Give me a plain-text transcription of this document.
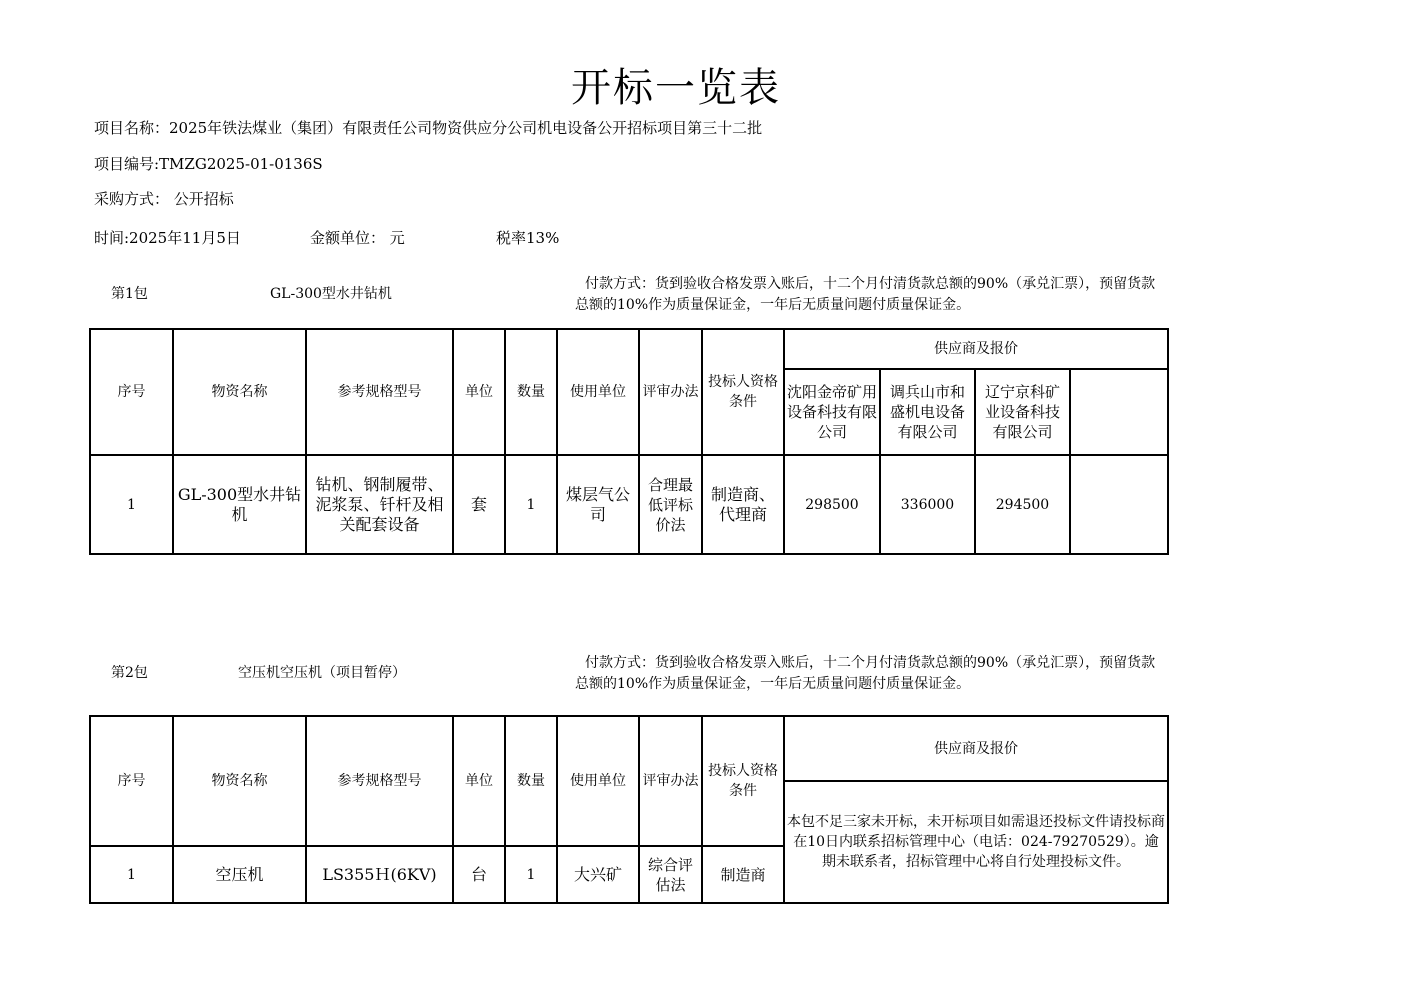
开标一览表
项目名称：2025年铁法煤业（集团）有限责任公司物资供应分公司机电设备公开招标项目第三十二批
项目编号:TMZG2025-01-0136S
采购方式： 公开招标
时间:2025年11月5日	金额单位： 元	税率13%
第1包	GL-300型水井钻机
付款方式：货到验收合格发票入账后，十二个月付清货款总额的90%（承兑汇票），预留货款总额的10%作为质量保证金，一年后无质量问题付质量保证金。
序号	物资名称	参考规格型号	单位	数量	使用单位	评审办法	投标人资格条件	供应商及报价			
								沈阳金帝矿用设备科技有限公司	调兵山市和盛机电设备有限公司	辽宁京科矿业设备科技有限公司	
1	GL-300型水井钻机	钻机、钢制履带、泥浆泵、钎杆及相关配套设备	套	1	煤层气公司	合理最低评标价法	制造商、代理商	298500	336000	294500	
第2包	空压机空压机（项目暂停）
付款方式：货到验收合格发票入账后，十二个月付清货款总额的90%（承兑汇票），预留货款总额的10%作为质量保证金，一年后无质量问题付质量保证金。
序号	物资名称	参考规格型号	单位	数量	使用单位	评审办法	投标人资格条件	供应商及报价
								本包不足三家未开标，未开标项目如需退还投标文件请投标商在10日内联系招标管理中心（电话：024-79270529）。逾期未联系者，招标管理中心将自行处理投标文件。
1	空压机	LS355Ｈ(6KV)	台	1	大兴矿	综合评估法	制造商	
